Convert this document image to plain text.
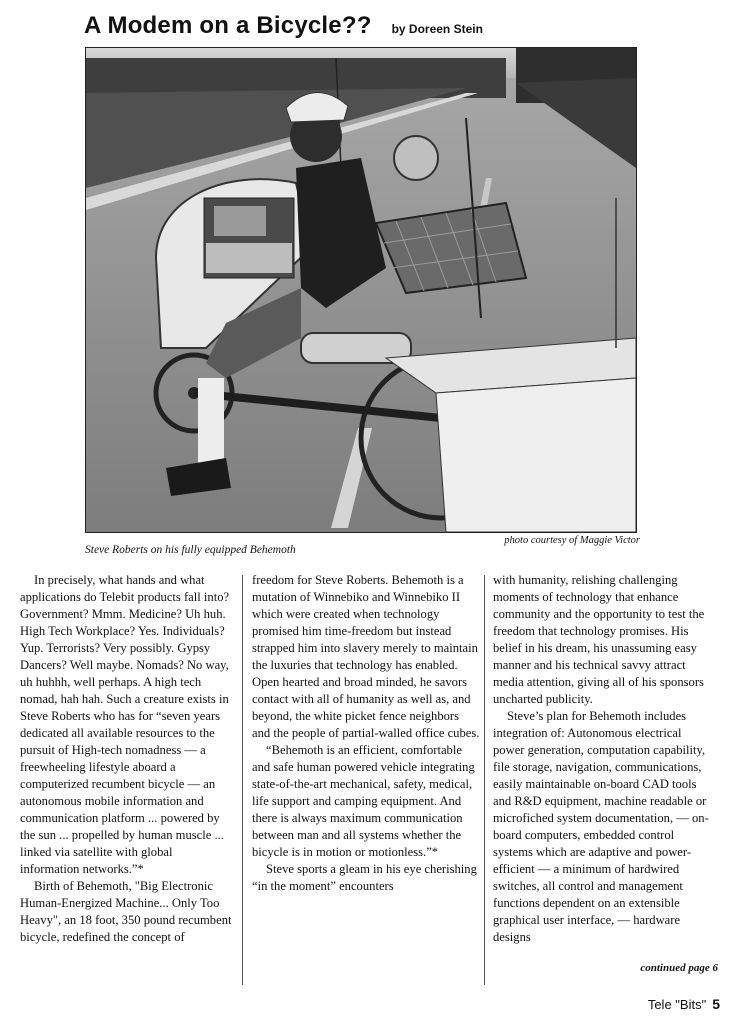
A Modem on a Bicycle?? by Doreen Stein
Steve Roberts on his fully equipped Behemoth
photo courtesy of Maggie Victor

In precisely, what hands and what applications do Telebit products fall into? Government? Mmm. Medicine? Uh huh. High Tech Workplace? Yes. Individuals? Yup. Terrorists? Very possibly. Gypsy Dancers? Well maybe. Nomads? No way, uh huhhh, well perhaps. A high tech nomad, hah hah. Such a creature exists in Steve Roberts who has for “seven years dedicated all available resources to the pursuit of High-tech nomadness — a freewheeling lifestyle aboard a computerized recumbent bicycle — an autonomous mobile information and communication platform ... powered by the sun ... propelled by human muscle ... linked via satellite with global information networks.”*

Birth of Behemoth, "Big Electronic Human-Energized Machine... Only Too Heavy", an 18 foot, 350 pound recumbent bicycle, redefined the concept of

freedom for Steve Roberts. Behemoth is a mutation of Winnebiko and Winnebiko II which were created when technology promised him time-freedom but instead strapped him into slavery merely to maintain the luxuries that technology has enabled. Open hearted and broad minded, he savors contact with all of humanity as well as, and beyond, the white picket fence neighbors and the people of partial-walled office cubes.

“Behemoth is an efficient, comfortable and safe human powered vehicle integrating state-of-the-art mechanical, safety, medical, life support and camping equipment. And there is always maximum communication between man and all systems whether the bicycle is in motion or motionless.”*

Steve sports a gleam in his eye cherishing “in the moment” encounters

with humanity, relishing challenging moments of technology that enhance community and the opportunity to test the freedom that technology promises. His belief in his dream, his unassuming easy manner and his technical savvy attract media attention, giving all of his sponsors uncharted publicity.

Steve’s plan for Behemoth includes integration of: Autonomous electrical power generation, computation capability, file storage, navigation, communications, easily maintainable on-board CAD tools and R&D equipment, machine readable or microfiched system documentation, — on-board computers, embedded control systems which are adaptive and power-efficient — a minimum of hardwired switches, all control and management functions dependent on an extensible graphical user interface, — hardware designs

continued page 6
Tele "Bits" 5
